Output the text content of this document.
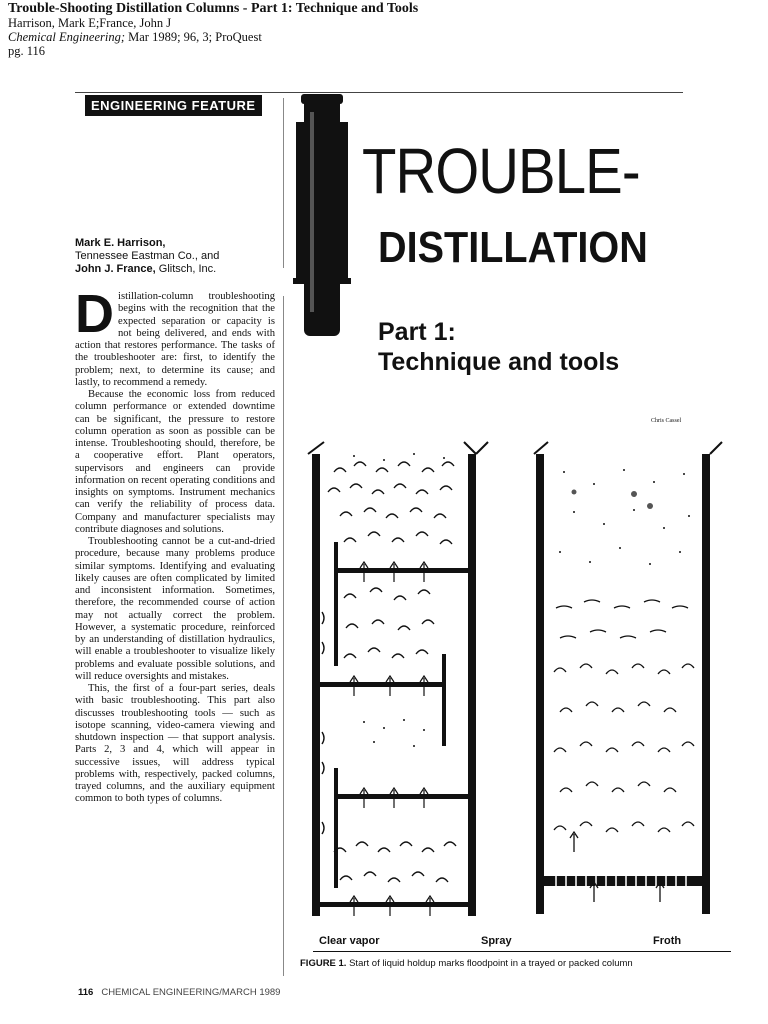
Trouble-Shooting Distillation Columns - Part 1: Technique and Tools
Harrison, Mark E;France, John J
Chemical Engineering; Mar 1989; 96, 3; ProQuest
pg. 116
ENGINEERING FEATURE
TROUBLE-
DISTILLATION
Part 1:
Technique and tools
Mark E. Harrison,
Tennessee Eastman Co., and
John J. France, Glitsch, Inc.

Distillation-column troubleshooting begins with the recognition that the expected separation or capacity is not being delivered, and ends with action that restores performance. The tasks of the troubleshooter are: first, to identify the problem; next, to determine its cause; and lastly, to recommend a remedy.

Because the economic loss from reduced column performance or extended downtime can be significant, the pressure to restore column operation as soon as possible can be intense. Troubleshooting should, therefore, be a cooperative effort. Plant operators, supervisors and engineers can provide information on recent operating conditions and insights on symptoms. Instrument mechanics can verify the reliability of process data. Company and manufacturer specialists may contribute diagnoses and solutions.

Troubleshooting cannot be a cut-and-dried procedure, because many problems produce similar symptoms. Identifying and evaluating likely causes are often complicated by limited and inconsistent information. Sometimes, therefore, the recommended course of action may not actually correct the problem. However, a systematic procedure, reinforced by an understanding of distillation hydraulics, will enable a troubleshooter to visualize likely problems and evaluate possible solutions, and will reduce oversights and mistakes.

This, the first of a four-part series, deals with basic troubleshooting. This part also discusses troubleshooting tools — such as isotope scanning, video-camera viewing and shutdown inspection — that support analysis. Parts 2, 3 and 4, which will appear in successive issues, will address typical problems with, respectively, packed columns, trayed columns, and the auxiliary equipment common to both types of columns.

Chris Cassel
Clear vapor	Spray	Froth
FIGURE 1. Start of liquid holdup marks floodpoint in a trayed or packed column
116 CHEMICAL ENGINEERING/MARCH 1989
